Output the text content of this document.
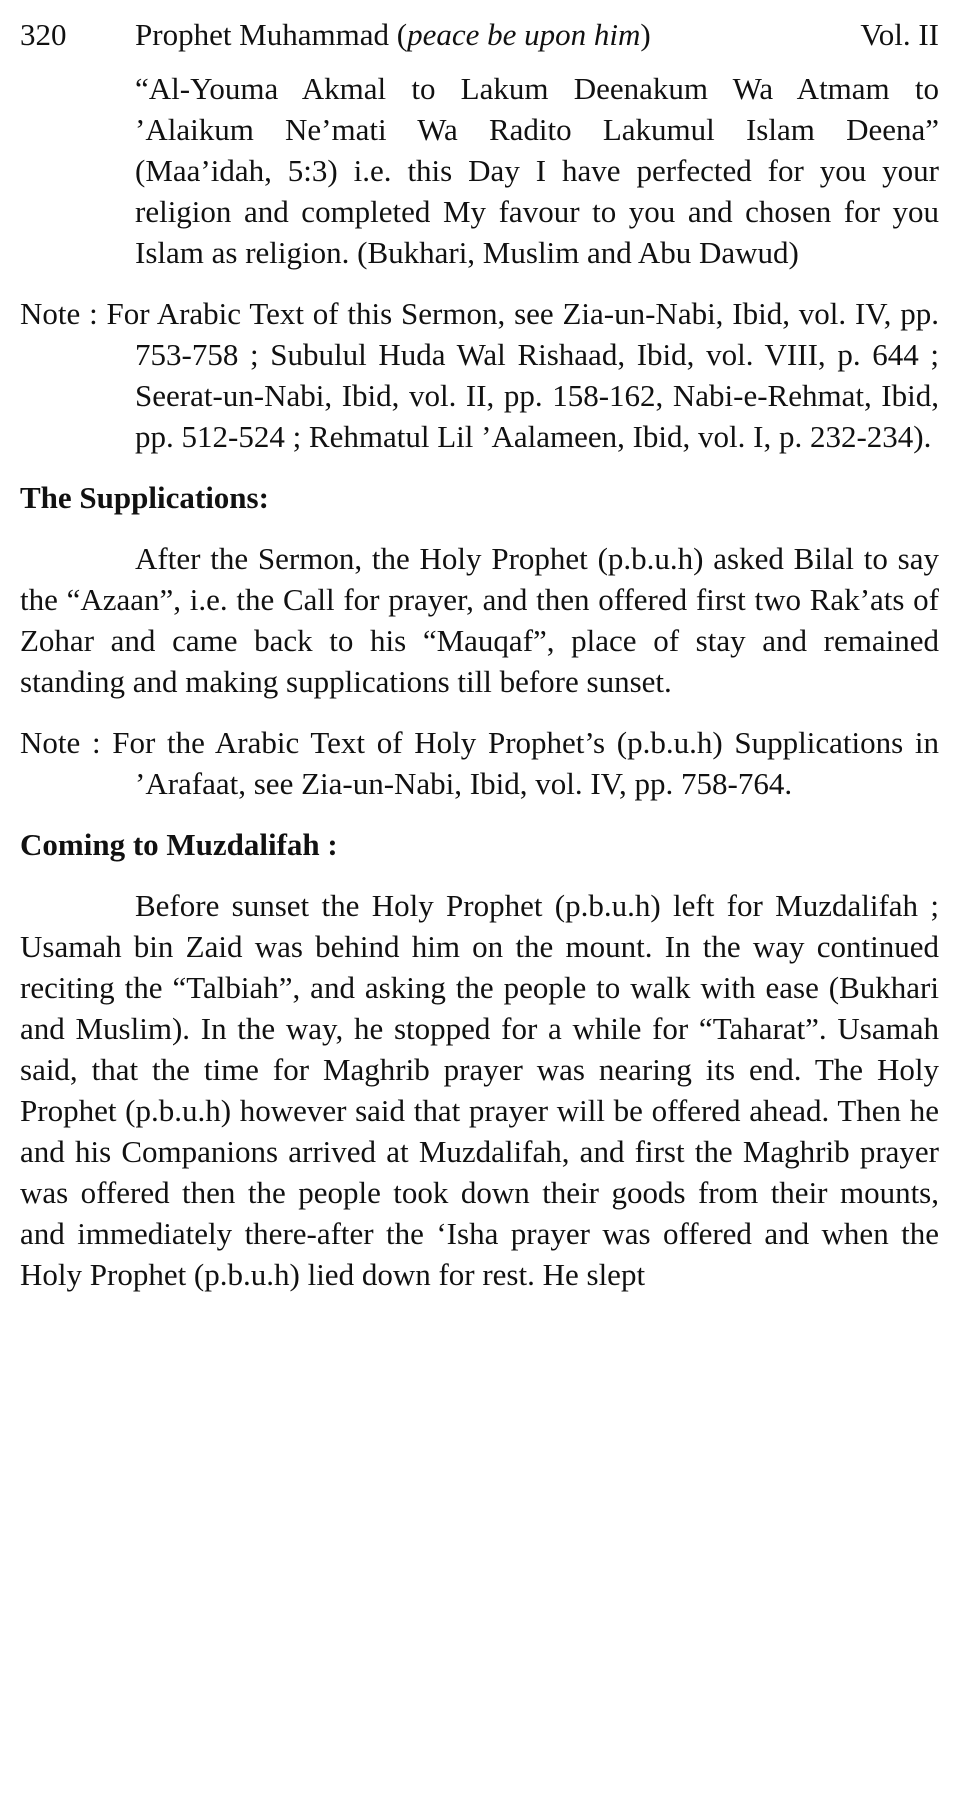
320	Prophet Muhammad (peace be upon him)	Vol. II

“Al-Youma Akmal to Lakum Deenakum Wa Atmam to ’Alaikum Ne’mati Wa Radito Lakumul Islam Deena” (Maa’idah, 5:3) i.e. this Day I have perfected for you your religion and completed My favour to you and chosen for you Islam as religion. (Bukhari, Muslim and Abu Dawud)

Note : For Arabic Text of this Sermon, see Zia-un-Nabi, Ibid, vol. IV, pp. 753-758 ; Subulul Huda Wal Rishaad, Ibid, vol. VIII, p. 644 ; Seerat-un-Nabi, Ibid, vol. II, pp. 158-162, Nabi-e-Rehmat, Ibid, pp. 512-524 ; Rehmatul Lil ’Aalameen, Ibid, vol. I, p. 232-234).

The Supplications:

After the Sermon, the Holy Prophet (p.b.u.h) asked Bilal to say the “Azaan”, i.e. the Call for prayer, and then offered first two Rak’ats of Zohar and came back to his “Mauqaf”, place of stay and remained standing and making supplications till before sunset.

Note : For the Arabic Text of Holy Prophet’s (p.b.u.h) Supplications in ’Arafaat, see Zia-un-Nabi, Ibid, vol. IV, pp. 758-764.

Coming to Muzdalifah :

Before sunset the Holy Prophet (p.b.u.h) left for Muzdalifah ; Usamah bin Zaid was behind him on the mount. In the way continued reciting the “Talbiah”, and asking the people to walk with ease (Bukhari and Muslim). In the way, he stopped for a while for “Taharat”. Usamah said, that the time for Maghrib prayer was nearing its end. The Holy Prophet (p.b.u.h) however said that prayer will be offered ahead. Then he and his Companions arrived at Muzdalifah, and first the Maghrib prayer was offered then the people took down their goods from their mounts, and immediately there-after the ‘Isha prayer was offered and when the Holy Prophet (p.b.u.h) lied down for rest. He slept
